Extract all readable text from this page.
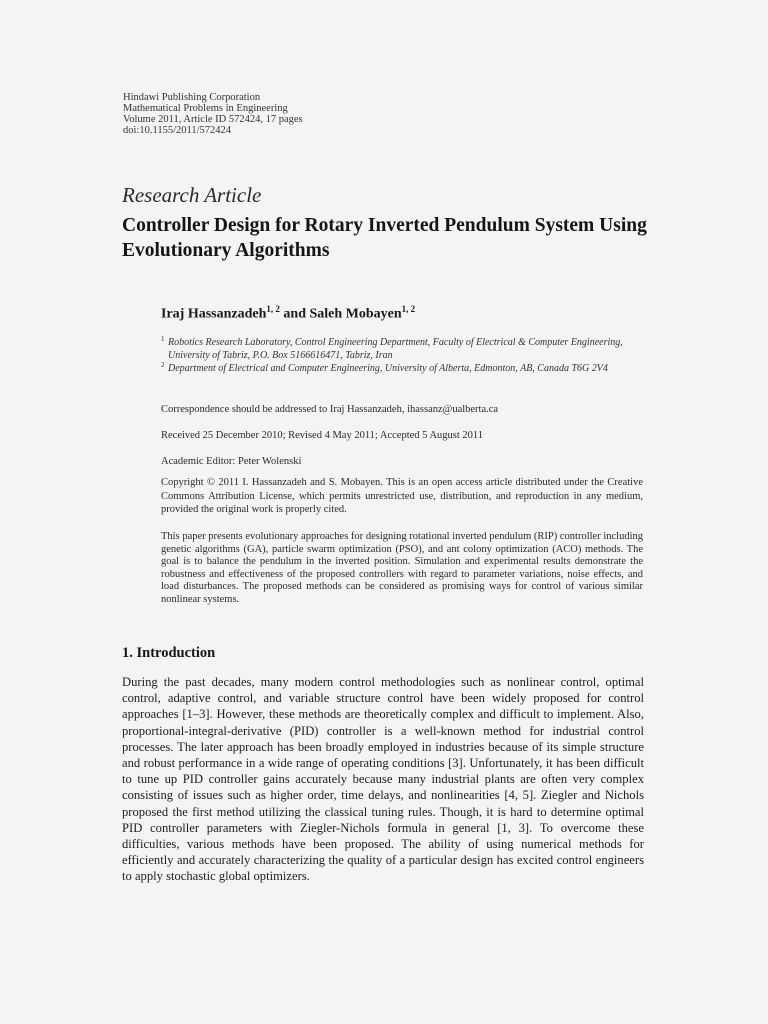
Hindawi Publishing Corporation
Mathematical Problems in Engineering
Volume 2011, Article ID 572424, 17 pages
doi:10.1155/2011/572424
Research Article
Controller Design for Rotary Inverted Pendulum System Using Evolutionary Algorithms
Iraj Hassanzadeh$^{1, 2}$ and Saleh Mobayen$^{1, 2}$
1 Robotics Research Laboratory, Control Engineering Department, Faculty of Electrical & Computer Engineering, University of Tabriz, P.O. Box 5166616471, Tabriz, Iran
2 Department of Electrical and Computer Engineering, University of Alberta, Edmonton, AB, Canada T6G 2V4
Correspondence should be addressed to Iraj Hassanzadeh, ihassanz@ualberta.ca
Received 25 December 2010; Revised 4 May 2011; Accepted 5 August 2011
Academic Editor: Peter Wolenski
Copyright © 2011 I. Hassanzadeh and S. Mobayen. This is an open access article distributed under the Creative Commons Attribution License, which permits unrestricted use, distribution, and reproduction in any medium, provided the original work is properly cited.
This paper presents evolutionary approaches for designing rotational inverted pendulum (RIP) controller including genetic algorithms (GA), particle swarm optimization (PSO), and ant colony optimization (ACO) methods. The goal is to balance the pendulum in the inverted position. Simulation and experimental results demonstrate the robustness and effectiveness of the proposed controllers with regard to parameter variations, noise effects, and load disturbances. The proposed methods can be considered as promising ways for control of various similar nonlinear systems.
1. Introduction
During the past decades, many modern control methodologies such as nonlinear control, optimal control, adaptive control, and variable structure control have been widely proposed for control approaches [1–3]. However, these methods are theoretically complex and difficult to implement. Also, proportional-integral-derivative (PID) controller is a well-known method for industrial control processes. The later approach has been broadly employed in industries because of its simple structure and robust performance in a wide range of operating conditions [3]. Unfortunately, it has been difficult to tune up PID controller gains accurately because many industrial plants are often very complex consisting of issues such as higher order, time delays, and nonlinearities [4, 5]. Ziegler and Nichols proposed the first method utilizing the classical tuning rules. Though, it is hard to determine optimal PID controller parameters with Ziegler-Nichols formula in general [1, 3]. To overcome these difficulties, various methods have been proposed. The ability of using numerical methods for efficiently and accurately characterizing the quality of a particular design has excited control engineers to apply stochastic global optimizers.
